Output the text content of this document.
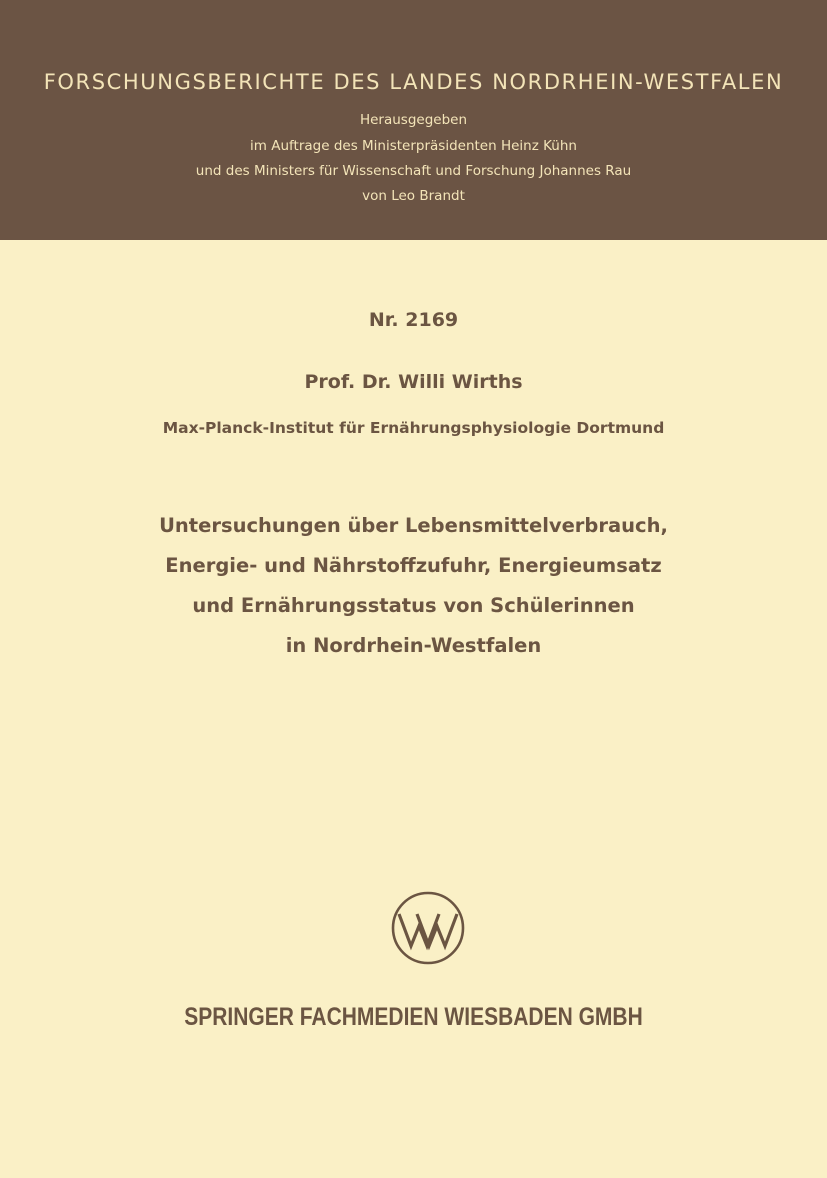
FORSCHUNGSBERICHTE DES LANDES NORDRHEIN-WESTFALEN
Herausgegeben
im Auftrage des Ministerpräsidenten Heinz Kühn
und des Ministers für Wissenschaft und Forschung Johannes Rau
von Leo Brandt
Nr. 2169
Prof. Dr. Willi Wirths
Max-Planck-Institut für Ernährungsphysiologie Dortmund
Untersuchungen über Lebensmittelverbrauch,
Energie- und Nährstoffzufuhr, Energieumsatz
und Ernährungsstatus von Schülerinnen
in Nordrhein-Westfalen
SPRINGER FACHMEDIEN WIESBADEN GMBH
